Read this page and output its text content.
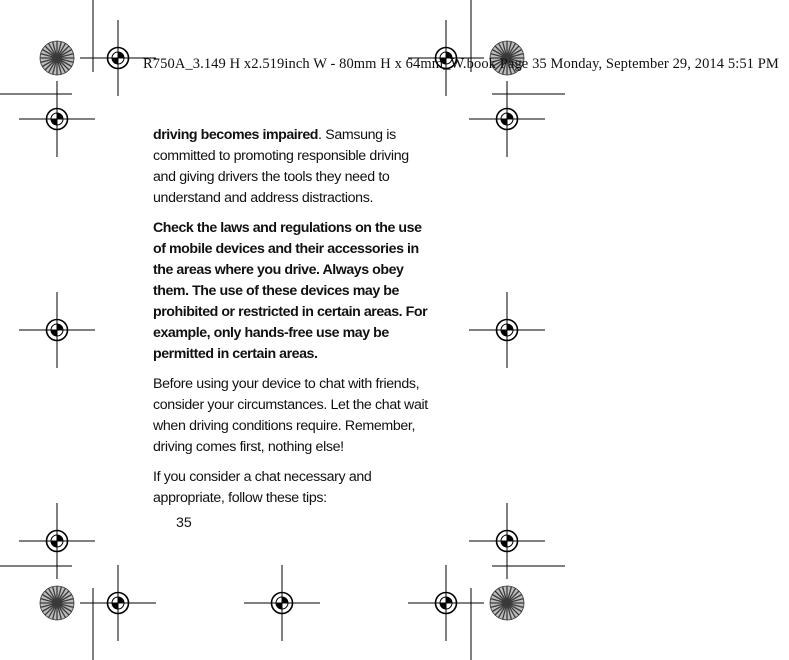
R750A_3.149 H x2.519inch W - 80mm H x 64mm_W.book Page 35 Monday, September 29, 2014 5:51 PM

driving becomes impaired. Samsung is committed to promoting responsible driving and giving drivers the tools they need to understand and address distractions.

Check the laws and regulations on the use of mobile devices and their accessories in the areas where you drive. Always obey them. The use of these devices may be prohibited or restricted in certain areas. For example, only hands-free use may be permitted in certain areas.

Before using your device to chat with friends, consider your circumstances. Let the chat wait when driving conditions require. Remember, driving comes first, nothing else!

If you consider a chat necessary and appropriate, follow these tips:

35
